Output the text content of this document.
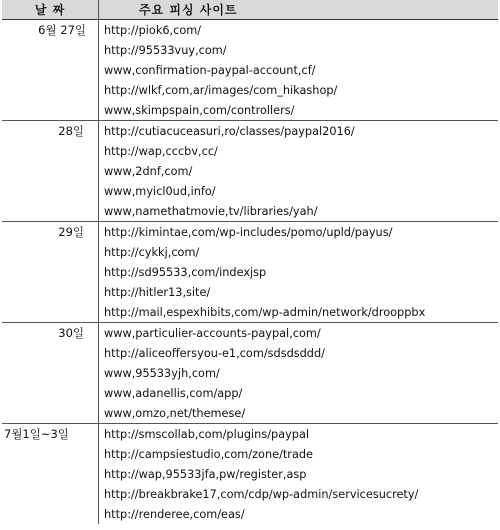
날 짜	주요 피싱 사이트
6월 27일	http://piok6,com/
	http://95533vuy,com/
	www,confirmation-paypal-account,cf/
	http://wlkf,com,ar/images/com_hikashop/
	www,skimpspain,com/controllers/
28일	http://cutiacuceasuri,ro/classes/paypal2016/
	http://wap,cccbv,cc/
	www,2dnf,com/
	www,myicl0ud,info/
	www,namethatmovie,tv/libraries/yah/
29일	http://kimintae,com/wp-includes/pomo/upld/payus/
	http://cykkj,com/
	http://sd95533,com/indexjsp
	http://hitler13,site/
	http://mail,espexhibits,com/wp-admin/network/drooppbx
30일	www,particulier-accounts-paypal,com/
	http://aliceoffersyou-e1,com/sdsdsddd/
	www,95533yjh,com/
	www,adanellis,com/app/
	www,omzo,net/themese/
7월1일~3일	http://smscollab,com/plugins/paypal
	http://campsiestudio,com/zone/trade
	http://wap,95533jfa,pw/register,asp
	http://breakbrake17,com/cdp/wp-admin/servicesucrety/
	http://renderee,com/eas/
